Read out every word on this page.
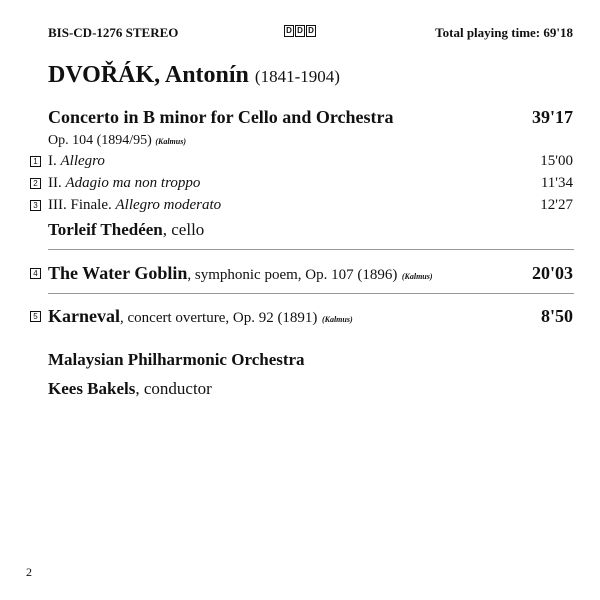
BIS-CD-1276 STEREO	D D D	Total playing time: 69'18
DVOŘÁK, Antonín (1841-1904)
Concerto in B minor for Cello and Orchestra	39'17
Op. 104 (1894/95) (Kalmus)
1 I. Allegro	15'00
2 II. Adagio ma non troppo	11'34
3 III. Finale. Allegro moderato	12'27
Torleif Thedéen, cello
4 The Water Goblin, symphonic poem, Op. 107 (1896) (Kalmus)	20'03
5 Karneval, concert overture, Op. 92 (1891) (Kalmus)	8'50
Malaysian Philharmonic Orchestra
Kees Bakels, conductor
2
